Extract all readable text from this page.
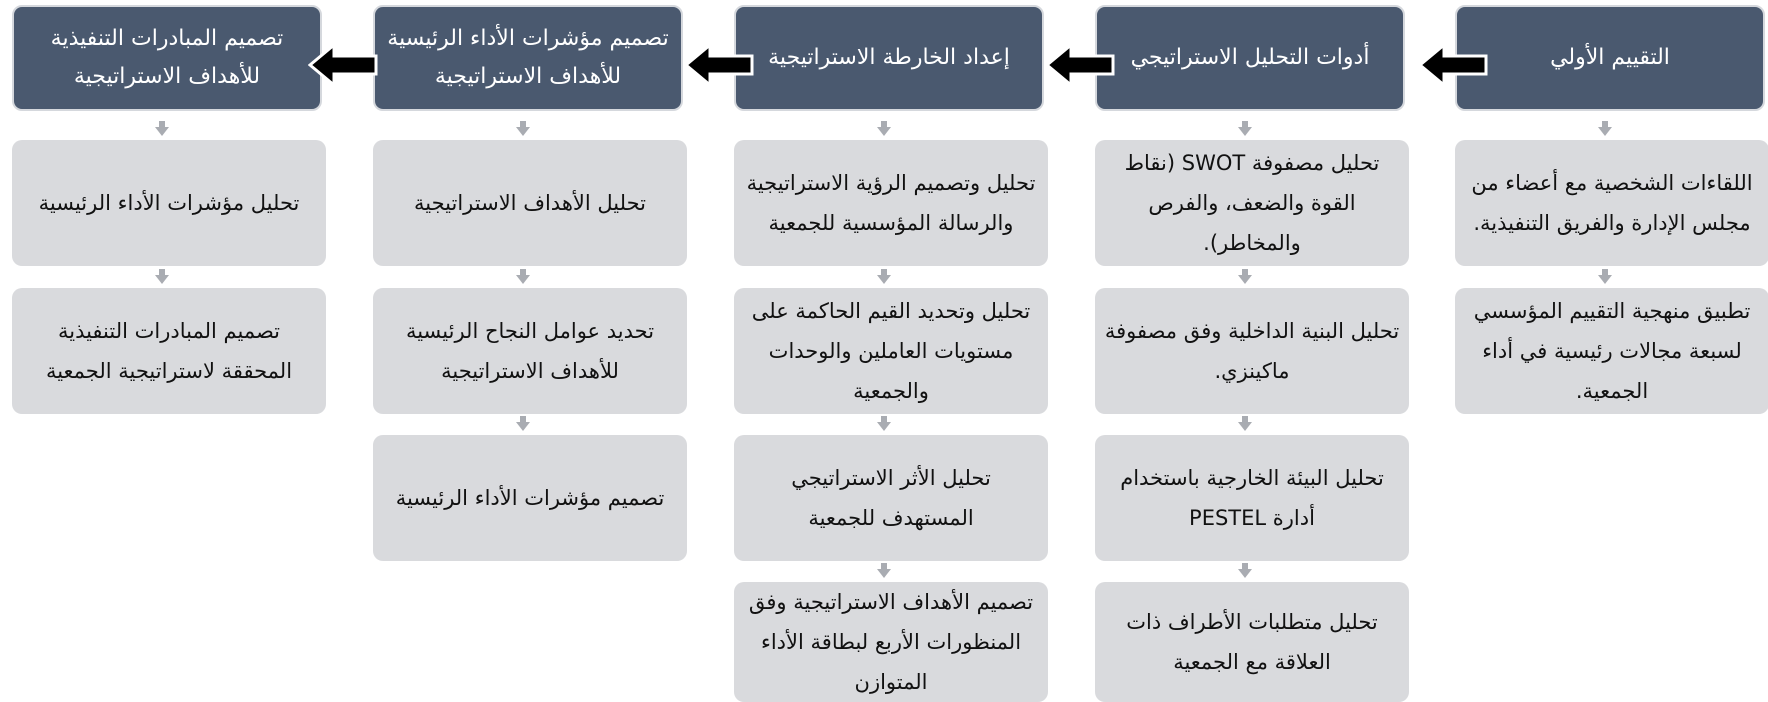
التقييم الأولي
اللقاءات الشخصية مع أعضاء من مجلس الإدارة والفريق التنفيذية.
تطبيق منهجية التقييم المؤسسي لسبعة مجالات رئيسية في أداء الجمعية.
أدوات التحليل الاستراتيجي
تحليل مصفوفة SWOT (نقاط القوة والضعف، والفرص والمخاطر).
تحليل البنية الداخلية وفق مصفوفة ماكينزي.
تحليل البيئة الخارجية باستخدام أدارة PESTEL
تحليل متطلبات الأطراف ذات العلاقة مع الجمعية
إعداد الخارطة الاستراتيجية
تحليل وتصميم الرؤية الاستراتيجية والرسالة المؤسسية للجمعية
تحليل وتحديد القيم الحاكمة على مستويات العاملين والوحدات والجمعية
تحليل الأثر الاستراتيجي المستهدف للجمعية
تصميم الأهداف الاستراتيجية وفق المنظورات الأربع لبطاقة الأداء المتوازن
تصميم مؤشرات الأداء الرئيسية للأهداف الاستراتيجية
تحليل الأهداف الاستراتيجية
تحديد عوامل النجاح الرئيسية للأهداف الاستراتيجية
تصميم مؤشرات الأداء الرئيسية
تصميم المبادرات التنفيذية للأهداف الاستراتيجية
تحليل مؤشرات الأداء الرئيسية
تصميم المبادرات التنفيذية المحققة لاستراتيجية الجمعية
